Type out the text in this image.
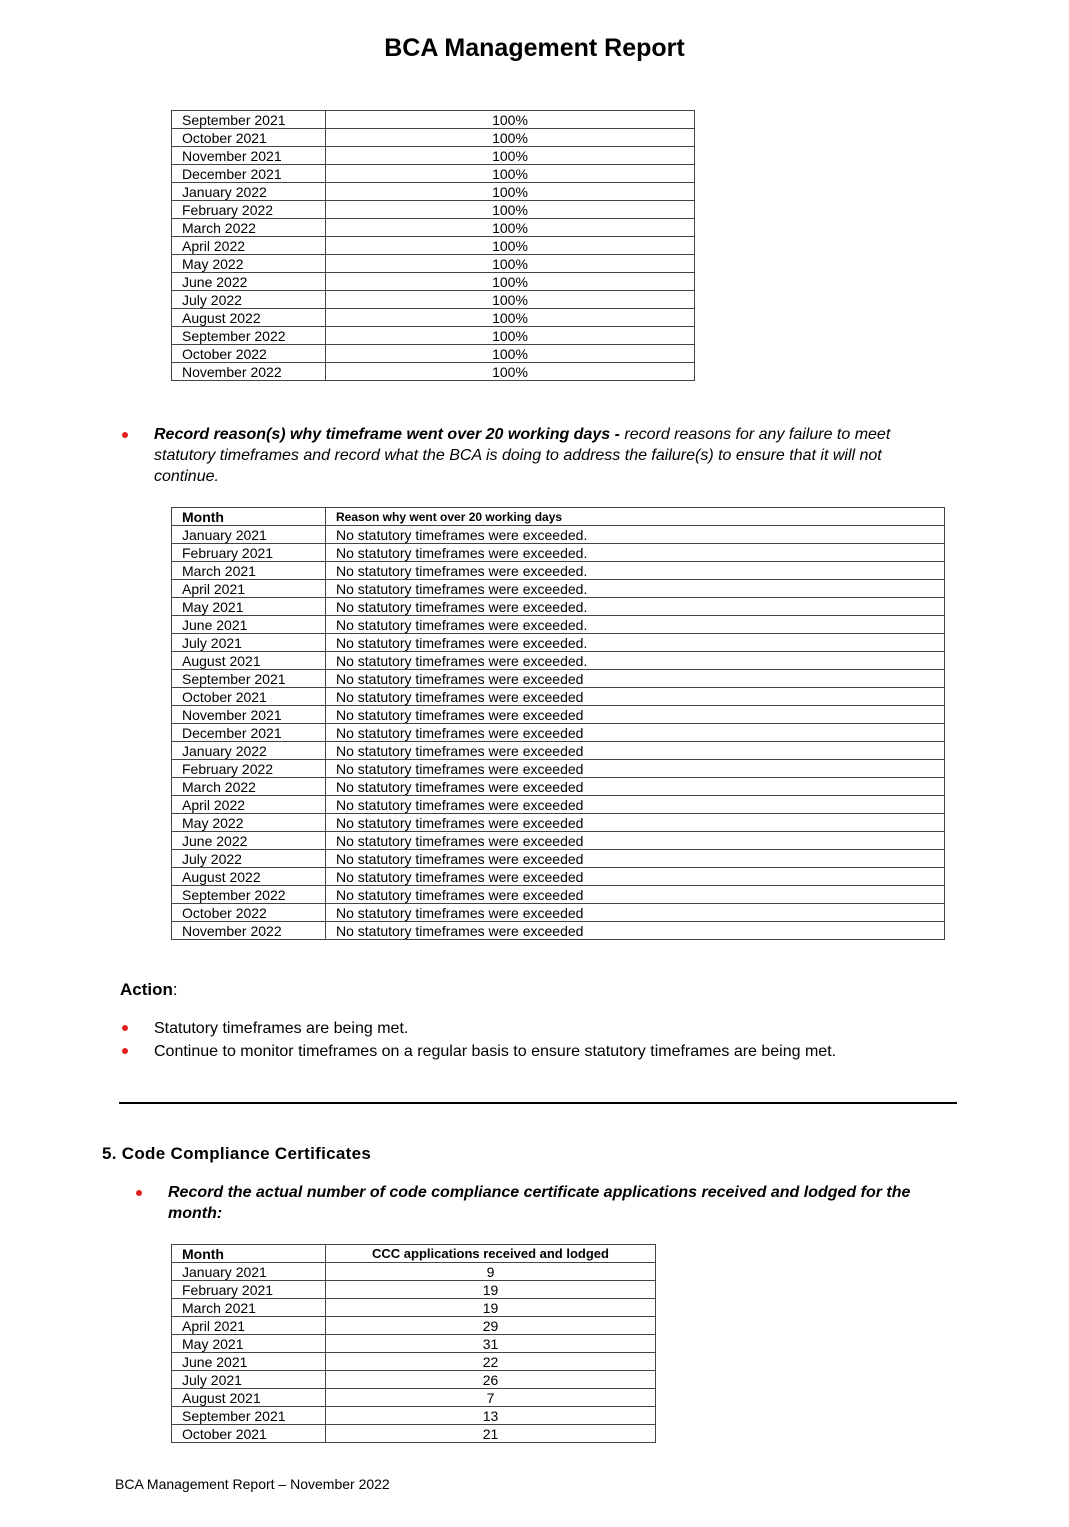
BCA Management Report
September 2021	100%
October 2021	100%
November 2021	100%
December 2021	100%
January 2022	100%
February 2022	100%
March 2022	100%
April 2022	100%
May 2022	100%
June 2022	100%
July 2022	100%
August 2022	100%
September 2022	100%
October 2022	100%
November 2022	100%
Record reason(s) why timeframe went over 20 working days - record reasons for any failure to meet statutory timeframes and record what the BCA is doing to address the failure(s) to ensure that it will not continue.
Month	Reason why went over 20 working days
January 2021	No statutory timeframes were exceeded.
February 2021	No statutory timeframes were exceeded.
March 2021	No statutory timeframes were exceeded.
April 2021	No statutory timeframes were exceeded.
May 2021	No statutory timeframes were exceeded.
June 2021	No statutory timeframes were exceeded.
July 2021	No statutory timeframes were exceeded.
August 2021	No statutory timeframes were exceeded.
September 2021	No statutory timeframes were exceeded
October 2021	No statutory timeframes were exceeded
November 2021	No statutory timeframes were exceeded
December 2021	No statutory timeframes were exceeded
January 2022	No statutory timeframes were exceeded
February 2022	No statutory timeframes were exceeded
March 2022	No statutory timeframes were exceeded
April 2022	No statutory timeframes were exceeded
May 2022	No statutory timeframes were exceeded
June 2022	No statutory timeframes were exceeded
July 2022	No statutory timeframes were exceeded
August 2022	No statutory timeframes were exceeded
September 2022	No statutory timeframes were exceeded
October 2022	No statutory timeframes were exceeded
November 2022	No statutory timeframes were exceeded
Action:
Statutory timeframes are being met.
Continue to monitor timeframes on a regular basis to ensure statutory timeframes are being met.
5. Code Compliance Certificates
Record the actual number of code compliance certificate applications received and lodged for the month:
Month	CCC applications received and lodged
January 2021	9
February 2021	19
March 2021	19
April 2021	29
May 2021	31
June 2021	22
July 2021	26
August 2021	7
September 2021	13
October 2021	21
BCA Management Report – November 2022
